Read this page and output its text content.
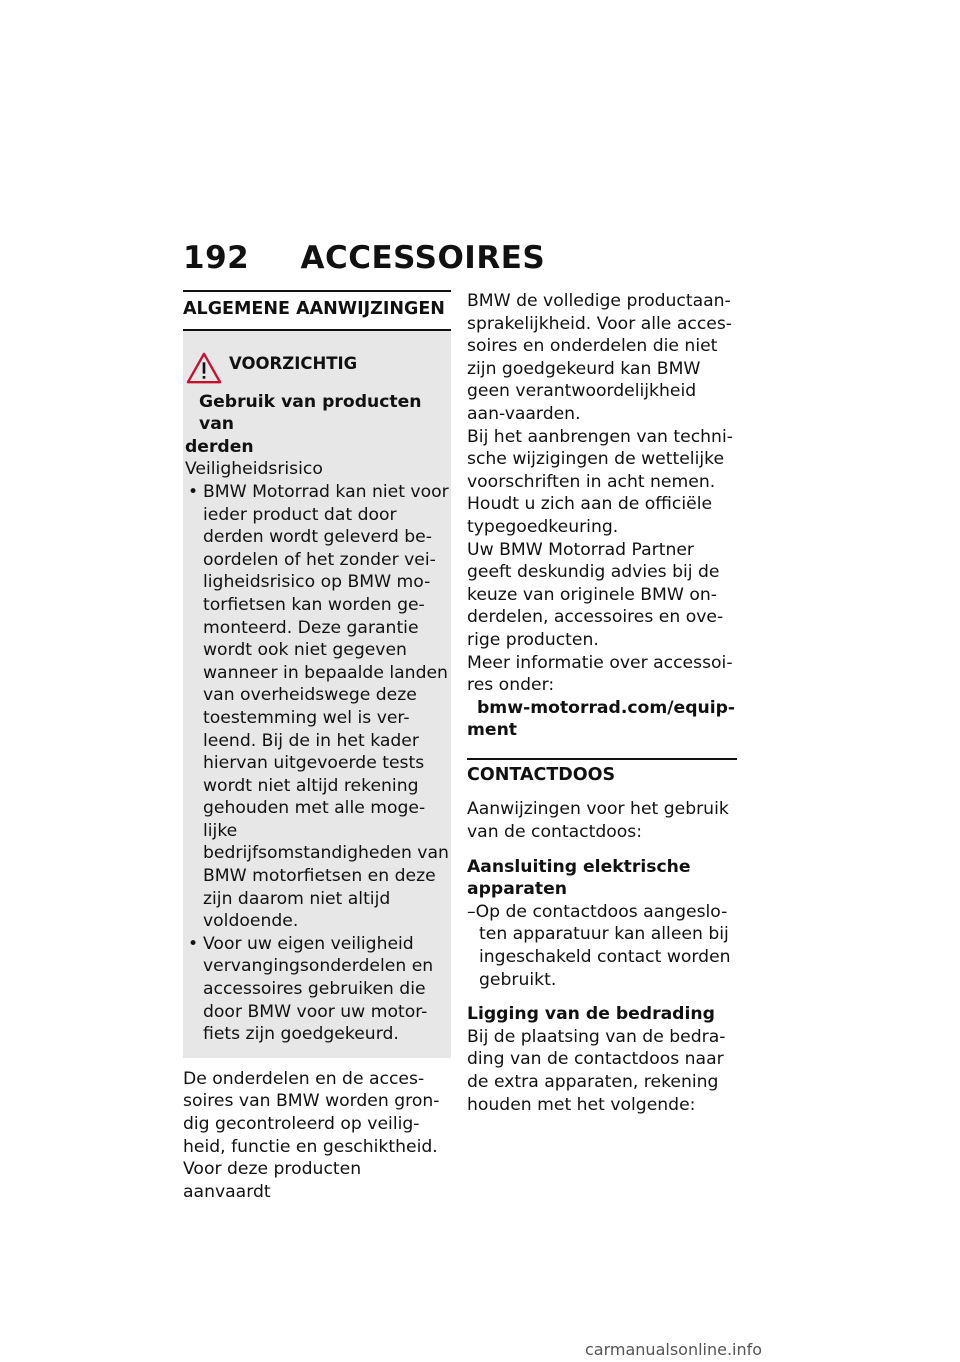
192 ACCESSOIRES
ALGEMENE AANWIJZINGEN
VOORZICHTIG
Gebruik van producten van
derden
Veiligheidsrisico
• BMW Motorrad kan niet voor ieder product dat door derden wordt geleverd be-oordelen of het zonder vei-ligheidsrisico op BMW mo-torfietsen kan worden ge-monteerd. Deze garantie wordt ook niet gegeven wanneer in bepaalde landen van overheidswege deze toestemming wel is ver-leend. Bij de in het kader hiervan uitgevoerde tests wordt niet altijd rekening gehouden met alle moge-lijke bedrijfsomstandigheden van BMW motorfietsen en deze zijn daarom niet altijd voldoende.
• Voor uw eigen veiligheid vervangingsonderdelen en accessoires gebruiken die door BMW voor uw motor-fiets zijn goedgekeurd.

De onderdelen en de acces-soires van BMW worden gron-dig gecontroleerd op veilig-heid, functie en geschiktheid. Voor deze producten aanvaardt

BMW de volledige productaan-sprakelijkheid. Voor alle acces-soires en onderdelen die niet zijn goedgekeurd kan BMW geen verantwoordelijkheid aan-vaarden.

Bij het aanbrengen van techni-sche wijzigingen de wettelijke voorschriften in acht nemen. Houdt u zich aan de officiële typegoedkeuring.

Uw BMW Motorrad Partner geeft deskundig advies bij de keuze van originele BMW on-derdelen, accessoires en ove-rige producten.

Meer informatie over accessoi-res onder:

bmw-motorrad.com/equip-
ment
CONTACTDOOS

Aanwijzingen voor het gebruik van de contactdoos:

Aansluiting elektrische apparaten

–Op de contactdoos aangeslo-ten apparatuur kan alleen bij ingeschakeld contact worden gebruikt.

Ligging van de bedrading

Bij de plaatsing van de bedra-ding van de contactdoos naar de extra apparaten, rekening houden met het volgende:

carmanualsonline.info
